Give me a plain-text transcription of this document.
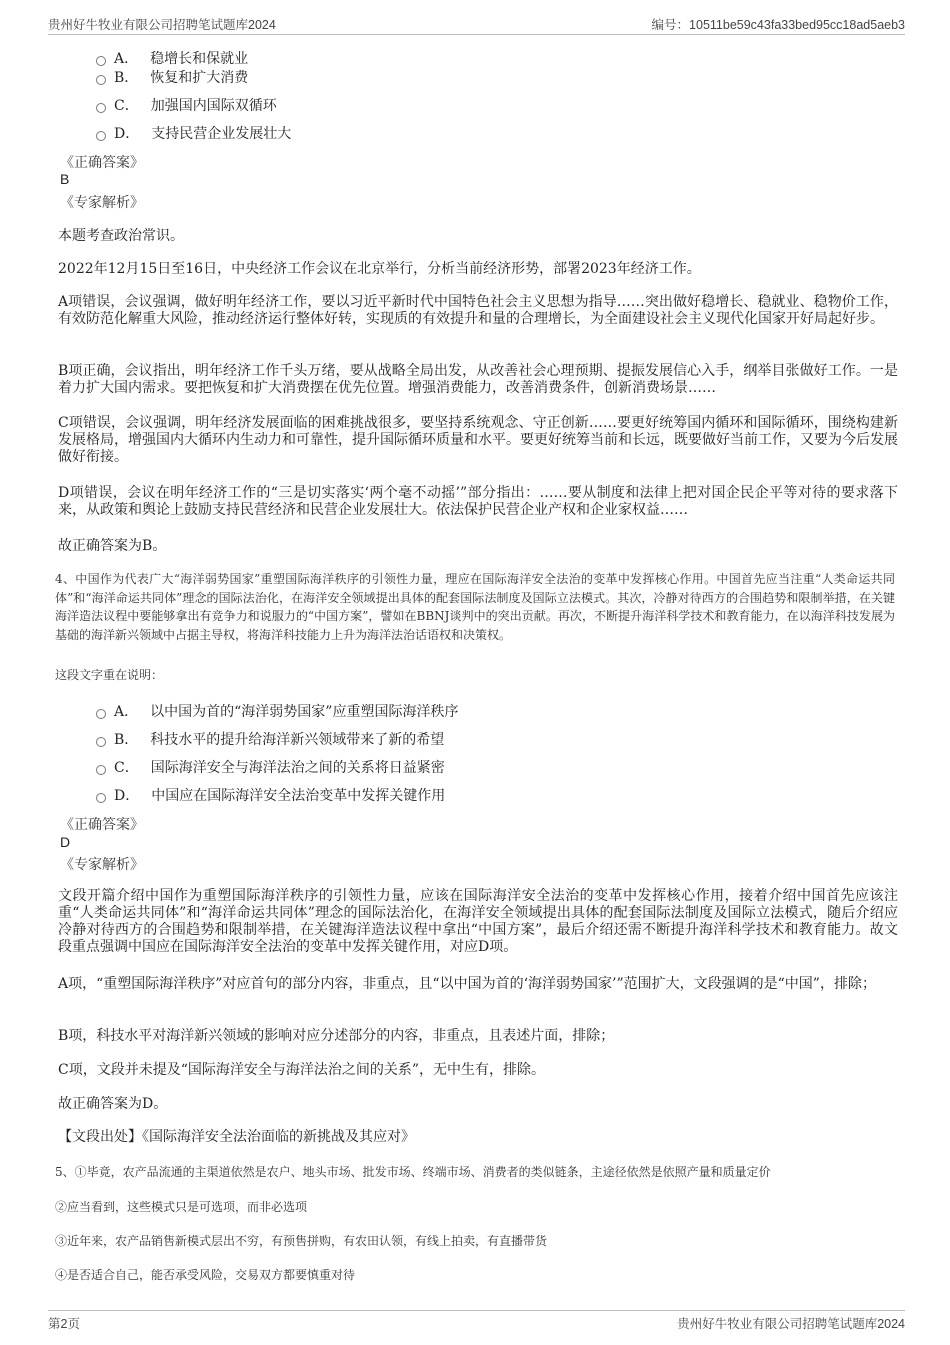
贵州好牛牧业有限公司招聘笔试题库2024	编号：10511be59c43fa33bed95cc18ad5aeb3
A． 稳增长和保就业
B． 恢复和扩大消费
C． 加强国内国际双循环
D． 支持民营企业发展壮大
《正确答案》
B
《专家解析》
本题考查政治常识。
2022年12月15日至16日，中央经济工作会议在北京举行，分析当前经济形势，部署2023年经济工作。
A项错误，会议强调，做好明年经济工作，要以习近平新时代中国特色社会主义思想为指导……突出做好稳增长、稳就业、稳物价工作，有效防范化解重大风险，推动经济运行整体好转，实现质的有效提升和量的合理增长，为全面建设社会主义现代化国家开好局起好步。
B项正确，会议指出，明年经济工作千头万绪，要从战略全局出发，从改善社会心理预期、提振发展信心入手，纲举目张做好工作。一是着力扩大国内需求。要把恢复和扩大消费摆在优先位置。增强消费能力，改善消费条件，创新消费场景……
C项错误，会议强调，明年经济发展面临的困难挑战很多，要坚持系统观念、守正创新……要更好统筹国内循环和国际循环，围绕构建新发展格局，增强国内大循环内生动力和可靠性，提升国际循环质量和水平。要更好统筹当前和长远，既要做好当前工作，又要为今后发展做好衔接。
D项错误，会议在明年经济工作的“三是切实落实‘两个毫不动摇’”部分指出：……要从制度和法律上把对国企民企平等对待的要求落下来，从政策和舆论上鼓励支持民营经济和民营企业发展壮大。依法保护民营企业产权和企业家权益……
故正确答案为B。
4、中国作为代表广大“海洋弱势国家”重塑国际海洋秩序的引领性力量，理应在国际海洋安全法治的变革中发挥核心作用。中国首先应当注重“人类命运共同体”和“海洋命运共同体”理念的国际法治化，在海洋安全领域提出具体的配套国际法制度及国际立法模式。其次，冷静对待西方的合围趋势和限制举措，在关键海洋造法议程中要能够拿出有竞争力和说服力的“中国方案”，譬如在BBNJ谈判中的突出贡献。再次，不断提升海洋科学技术和教育能力，在以海洋科技发展为基础的海洋新兴领域中占据主导权，将海洋科技能力上升为海洋法治话语权和决策权。
这段文字重在说明：
A． 以中国为首的“海洋弱势国家”应重塑国际海洋秩序
B． 科技水平的提升给海洋新兴领域带来了新的希望
C． 国际海洋安全与海洋法治之间的关系将日益紧密
D． 中国应在国际海洋安全法治变革中发挥关键作用
《正确答案》
D
《专家解析》
文段开篇介绍中国作为重塑国际海洋秩序的引领性力量，应该在国际海洋安全法治的变革中发挥核心作用，接着介绍中国首先应该注重“人类命运共同体”和“海洋命运共同体”理念的国际法治化，在海洋安全领域提出具体的配套国际法制度及国际立法模式，随后介绍应冷静对待西方的合围趋势和限制举措，在关键海洋造法议程中拿出“中国方案”，最后介绍还需不断提升海洋科学技术和教育能力。故文段重点强调中国应在国际海洋安全法治的变革中发挥关键作用，对应D项。
A项，“重塑国际海洋秩序”对应首句的部分内容，非重点，且“以中国为首的‘海洋弱势国家’”范围扩大，文段强调的是“中国”，排除；
B项，科技水平对海洋新兴领域的影响对应分述部分的内容，非重点，且表述片面，排除；
C项，文段并未提及“国际海洋安全与海洋法治之间的关系”，无中生有，排除。
故正确答案为D。
【文段出处】《国际海洋安全法治面临的新挑战及其应对》
5、①毕竟，农产品流通的主渠道依然是农户、地头市场、批发市场、终端市场、消费者的类似链条，主途径依然是依照产量和质量定价
②应当看到，这些模式只是可选项，而非必选项
③近年来，农产品销售新模式层出不穷，有预售拼购，有农田认领，有线上拍卖，有直播带货
④是否适合自己，能否承受风险，交易双方都要慎重对待
第2页	贵州好牛牧业有限公司招聘笔试题库2024
